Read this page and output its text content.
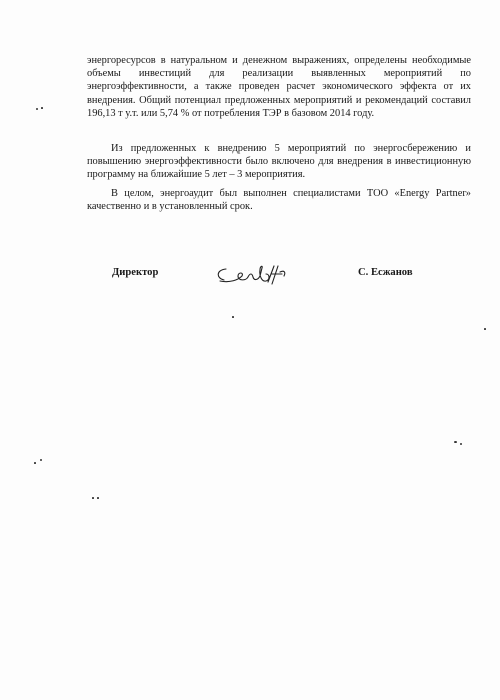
энергоресурсов в натуральном и денежном выражениях, определены необходимые объемы инвестиций для реализации выявленных мероприятий по энергоэффективности, а также проведен расчет экономического эффекта от их внедрения. Общий потенциал предложенных мероприятий и рекомендаций составил 196,13 т у.т. или 5,74 % от потребления ТЭР в базовом 2014 году.
Из предложенных к внедрению 5 мероприятий по энергосбережению и повышению энергоэффективности было включено для внедрения в инвестиционную программу на ближайшие 5 лет – 3 мероприятия.
В целом, энергоаудит был выполнен специалистами ТОО «Energy Partner» качественно и в установленный срок.
Директор	С. Есжанов
